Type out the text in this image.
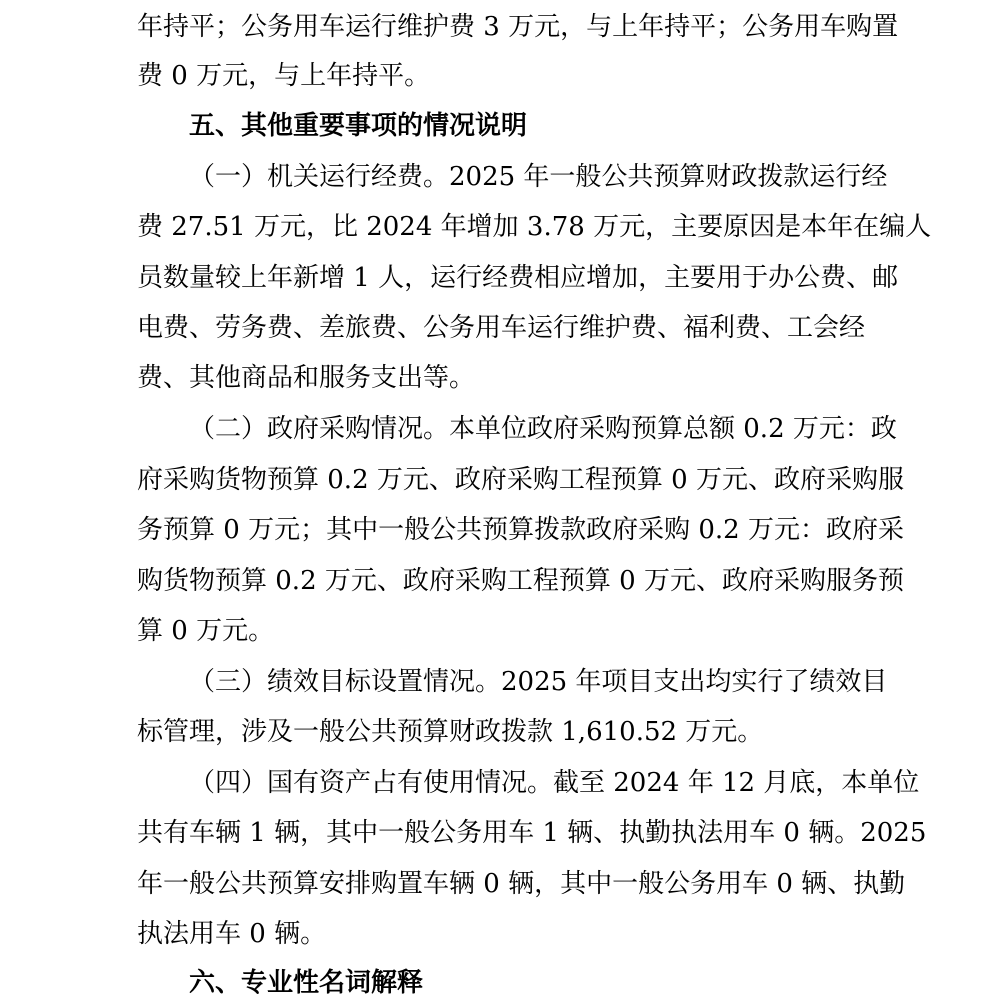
年持平；公务用车运行维护费 3 万元，与上年持平；公务用车购置
费 0 万元，与上年持平。
五、其他重要事项的情况说明
（一）机关运行经费。2025 年一般公共预算财政拨款运行经
费 27.51 万元，比 2024 年增加 3.78 万元，主要原因是本年在编人
员数量较上年新增 1 人，运行经费相应增加，主要用于办公费、邮
电费、劳务费、差旅费、公务用车运行维护费、福利费、工会经
费、其他商品和服务支出等。
（二）政府采购情况。本单位政府采购预算总额 0.2 万元：政
府采购货物预算 0.2 万元、政府采购工程预算 0 万元、政府采购服
务预算 0 万元；其中一般公共预算拨款政府采购 0.2 万元：政府采
购货物预算 0.2 万元、政府采购工程预算 0 万元、政府采购服务预
算 0 万元。
（三）绩效目标设置情况。2025 年项目支出均实行了绩效目
标管理，涉及一般公共预算财政拨款 1,610.52 万元。
（四）国有资产占有使用情况。截至 2024 年 12 月底，本单位
共有车辆 1 辆，其中一般公务用车 1 辆、执勤执法用车 0 辆。2025
年一般公共预算安排购置车辆 0 辆，其中一般公务用车 0 辆、执勤
执法用车 0 辆。
六、专业性名词解释
